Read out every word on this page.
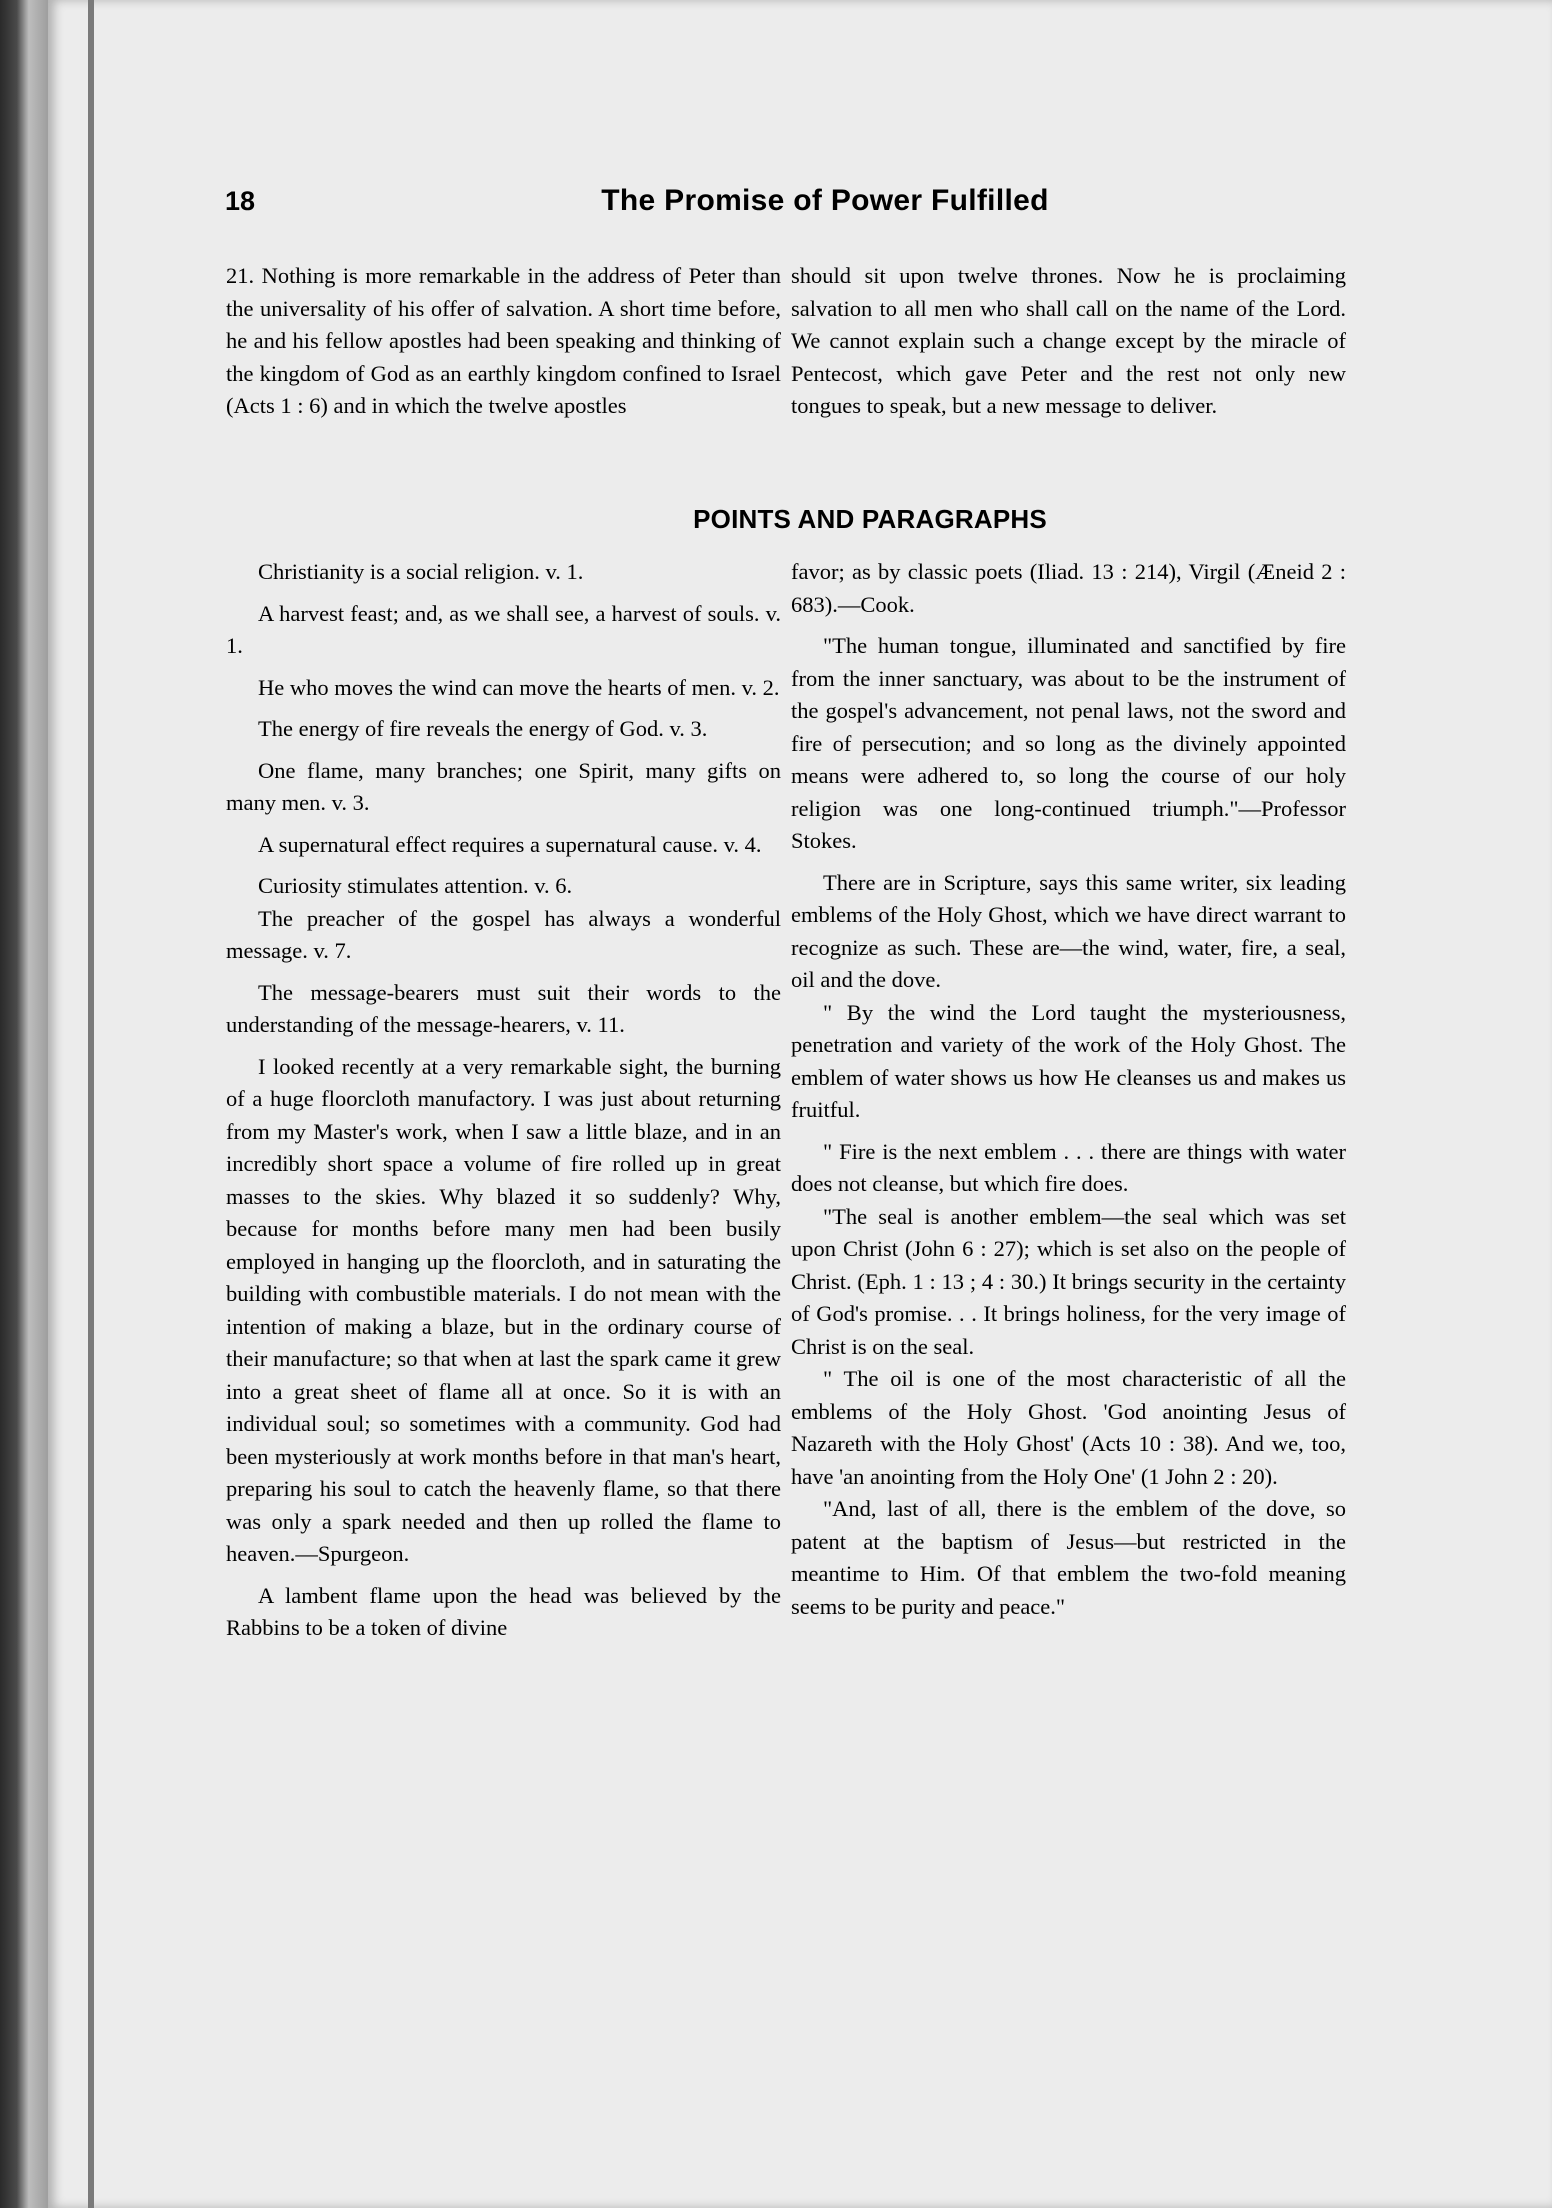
18	The Promise of Power Fulfilled

21. Nothing is more remarkable in the address of Peter than the universality of his offer of salvation. A short time before, he and his fellow apostles had been speaking and thinking of the kingdom of God as an earthly kingdom confined to Israel (Acts 1 : 6) and in which the twelve apostles

should sit upon twelve thrones. Now he is proclaiming salvation to all men who shall call on the name of the Lord. We cannot explain such a change except by the miracle of Pentecost, which gave Peter and the rest not only new tongues to speak, but a new message to deliver.

POINTS AND PARAGRAPHS

Christianity is a social religion. v. 1.

A harvest feast; and, as we shall see, a harvest of souls. v. 1.

He who moves the wind can move the hearts of men. v. 2.

The energy of fire reveals the energy of God. v. 3.

One flame, many branches; one Spirit, many gifts on many men. v. 3.

A supernatural effect requires a supernatural cause. v. 4.

Curiosity stimulates attention. v. 6.

The preacher of the gospel has always a wonderful message. v. 7.

The message-bearers must suit their words to the understanding of the message-hearers, v. 11.

I looked recently at a very remarkable sight, the burning of a huge floorcloth manufactory. I was just about returning from my Master's work, when I saw a little blaze, and in an incredibly short space a volume of fire rolled up in great masses to the skies. Why blazed it so suddenly? Why, because for months before many men had been busily employed in hanging up the floorcloth, and in saturating the building with combustible materials. I do not mean with the intention of making a blaze, but in the ordinary course of their manufacture; so that when at last the spark came it grew into a great sheet of flame all at once. So it is with an individual soul; so sometimes with a community. God had been mysteriously at work months before in that man's heart, preparing his soul to catch the heavenly flame, so that there was only a spark needed and then up rolled the flame to heaven.—Spurgeon.

A lambent flame upon the head was believed by the Rabbins to be a token of divine

favor; as by classic poets (Iliad. 13 : 214), Virgil (Æneid 2 : 683).—Cook.

"The human tongue, illuminated and sanctified by fire from the inner sanctuary, was about to be the instrument of the gospel's advancement, not penal laws, not the sword and fire of persecution; and so long as the divinely appointed means were adhered to, so long the course of our holy religion was one long-continued triumph."—Professor Stokes.

There are in Scripture, says this same writer, six leading emblems of the Holy Ghost, which we have direct warrant to recognize as such. These are—the wind, water, fire, a seal, oil and the dove.

" By the wind the Lord taught the mysteriousness, penetration and variety of the work of the Holy Ghost. The emblem of water shows us how He cleanses us and makes us fruitful.

" Fire is the next emblem . . . there are things with water does not cleanse, but which fire does.

"The seal is another emblem—the seal which was set upon Christ (John 6 : 27); which is set also on the people of Christ. (Eph. 1 : 13 ; 4 : 30.) It brings security in the certainty of God's promise. . . It brings holiness, for the very image of Christ is on the seal.

" The oil is one of the most characteristic of all the emblems of the Holy Ghost. 'God anointing Jesus of Nazareth with the Holy Ghost' (Acts 10 : 38). And we, too, have 'an anointing from the Holy One' (1 John 2 : 20).

"And, last of all, there is the emblem of the dove, so patent at the baptism of Jesus—but restricted in the meantime to Him. Of that emblem the two-fold meaning seems to be purity and peace."
